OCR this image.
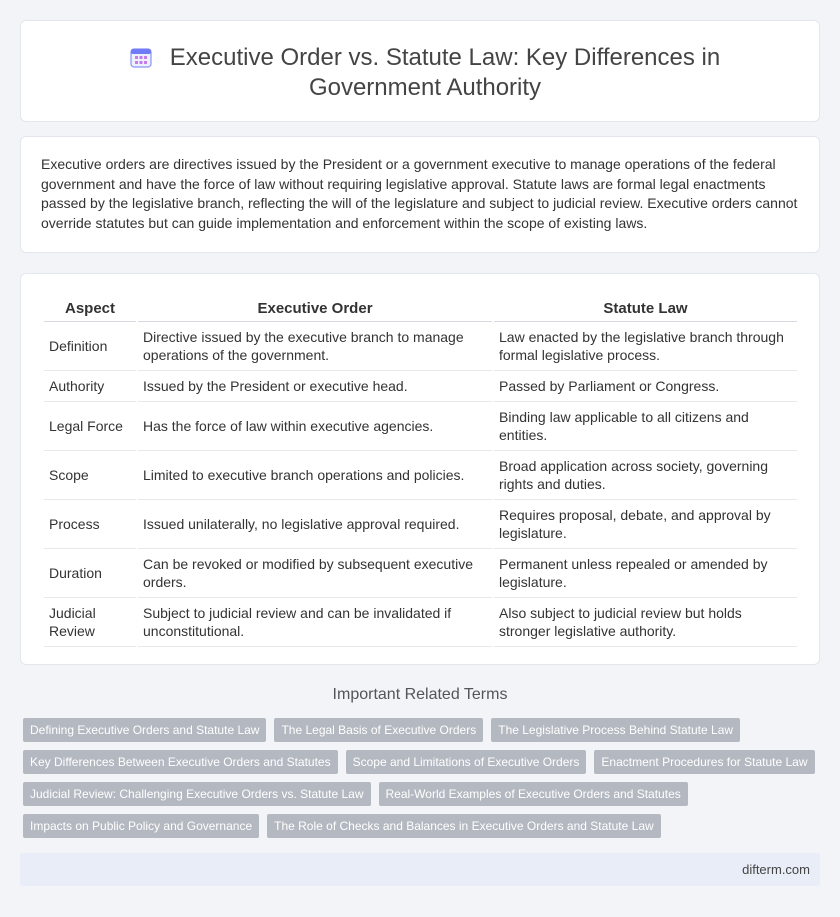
Executive Order vs. Statute Law: Key Differences in Government Authority

Executive orders are directives issued by the President or a government executive to manage operations of the federal government and have the force of law without requiring legislative approval. Statute laws are formal legal enactments passed by the legislative branch, reflecting the will of the legislature and subject to judicial review. Executive orders cannot override statutes but can guide implementation and enforcement within the scope of existing laws.

Aspect	Executive Order	Statute Law
Definition	Directive issued by the executive branch to manage operations of the government.	Law enacted by the legislative branch through formal legislative process.
Authority	Issued by the President or executive head.	Passed by Parliament or Congress.
Legal Force	Has the force of law within executive agencies.	Binding law applicable to all citizens and entities.
Scope	Limited to executive branch operations and policies.	Broad application across society, governing rights and duties.
Process	Issued unilaterally, no legislative approval required.	Requires proposal, debate, and approval by legislature.
Duration	Can be revoked or modified by subsequent executive orders.	Permanent unless repealed or amended by legislature.
Judicial Review	Subject to judicial review and can be invalidated if unconstitutional.	Also subject to judicial review but holds stronger legislative authority.
Important Related Terms
Defining Executive Orders and Statute Law	The Legal Basis of Executive Orders	The Legislative Process Behind Statute Law
Key Differences Between Executive Orders and Statutes	Scope and Limitations of Executive Orders	Enactment Procedures for Statute Law
Judicial Review: Challenging Executive Orders vs. Statute Law	Real-World Examples of Executive Orders and Statutes
Impacts on Public Policy and Governance	The Role of Checks and Balances in Executive Orders and Statute Law
difterm.com
